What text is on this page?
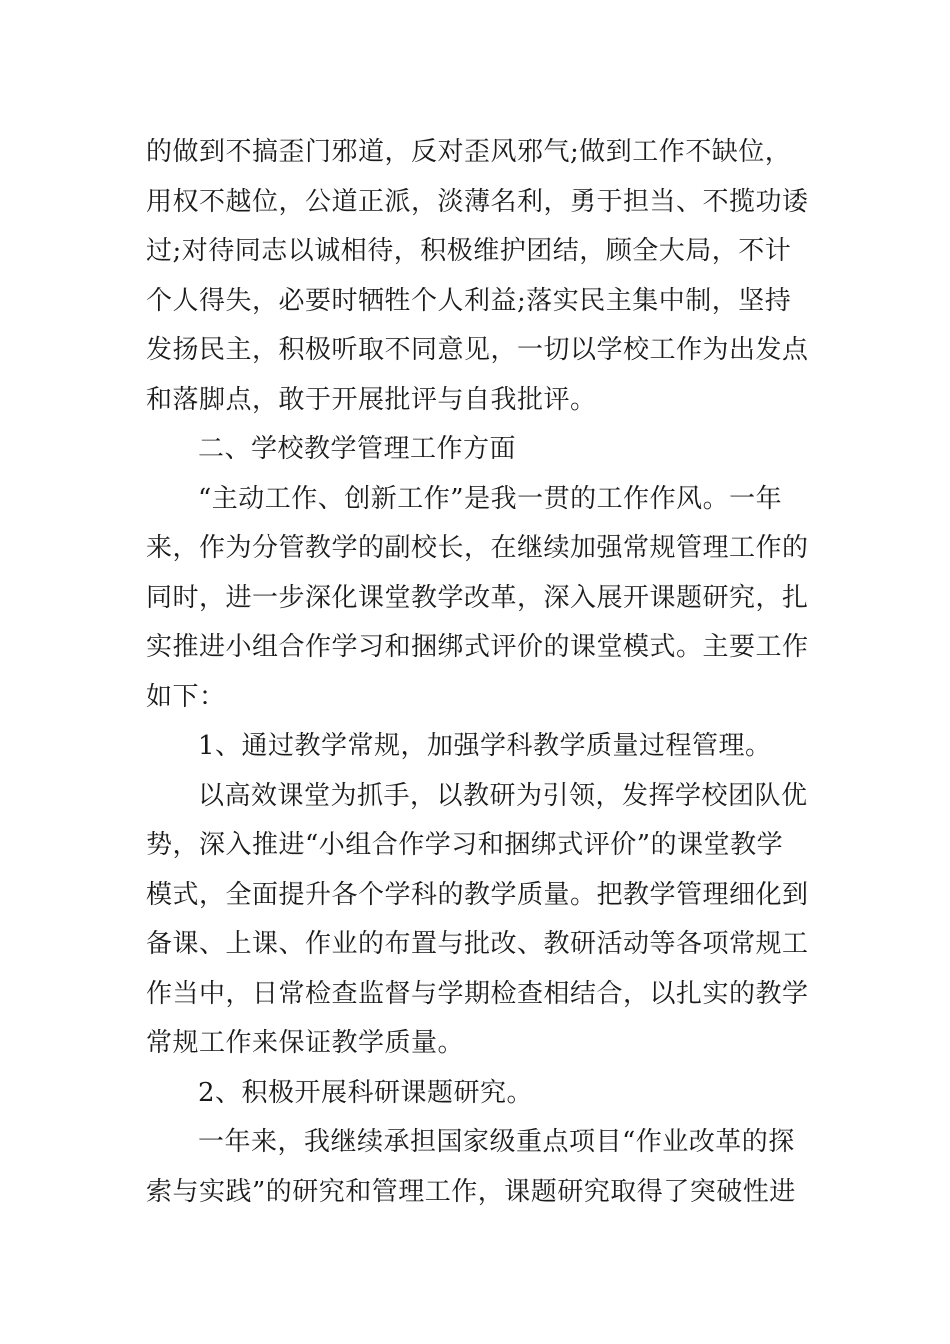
的做到不搞歪门邪道，反对歪风邪气;做到工作不缺位，
用权不越位，公道正派，淡薄名利，勇于担当、不揽功诿
过;对待同志以诚相待，积极维护团结，顾全大局，不计
个人得失，必要时牺牲个人利益;落实民主集中制，坚持
发扬民主，积极听取不同意见，一切以学校工作为出发点
和落脚点，敢于开展批评与自我批评。
二、学校教学管理工作方面
“主动工作、创新工作”是我一贯的工作作风。一年
来，作为分管教学的副校长，在继续加强常规管理工作的
同时，进一步深化课堂教学改革，深入展开课题研究，扎
实推进小组合作学习和捆绑式评价的课堂模式。主要工作
如下：
1、通过教学常规，加强学科教学质量过程管理。
以高效课堂为抓手，以教研为引领，发挥学校团队优
势，深入推进“小组合作学习和捆绑式评价”的课堂教学
模式，全面提升各个学科的教学质量。把教学管理细化到
备课、上课、作业的布置与批改、教研活动等各项常规工
作当中，日常检查监督与学期检查相结合，以扎实的教学
常规工作来保证教学质量。
2、积极开展科研课题研究。
一年来，我继续承担国家级重点项目“作业改革的探
索与实践”的研究和管理工作，课题研究取得了突破性进
